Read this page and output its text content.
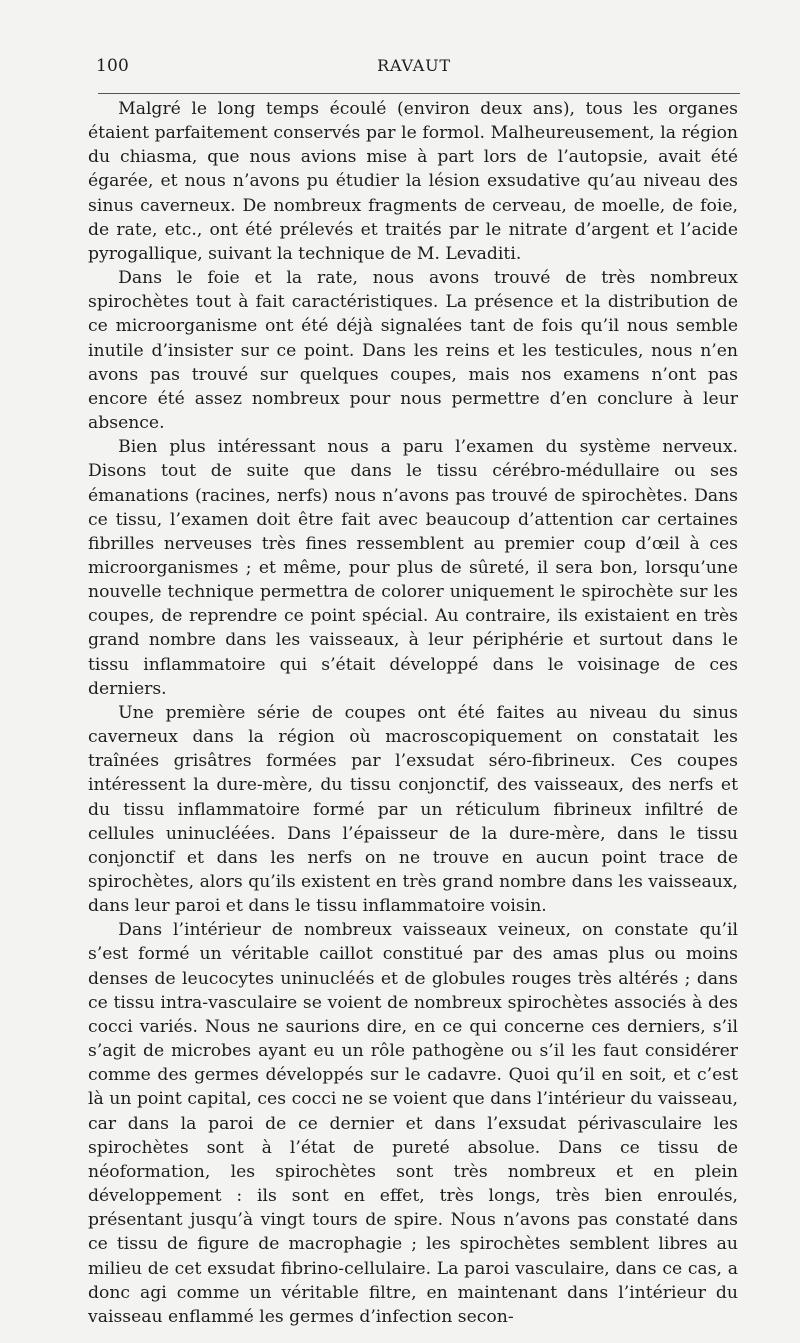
100	RAVAUT

Malgré le long temps écoulé (environ deux ans), tous les organes étaient parfaitement conservés par le formol. Malheureusement, la région du chiasma, que nous avions mise à part lors de l’autopsie, avait été égarée, et nous n’avons pu étudier la lésion exsudative qu’au niveau des sinus caverneux. De nombreux fragments de cerveau, de moelle, de foie, de rate, etc., ont été prélevés et traités par le nitrate d’argent et l’acide pyrogallique, suivant la technique de M. Levaditi.

Dans le foie et la rate, nous avons trouvé de très nombreux spirochètes tout à fait caractéristiques. La présence et la distribution de ce microorganisme ont été déjà signalées tant de fois qu’il nous semble inutile d’insister sur ce point. Dans les reins et les testicules, nous n’en avons pas trouvé sur quelques coupes, mais nos examens n’ont pas encore été assez nombreux pour nous permettre d’en conclure à leur absence.

Bien plus intéressant nous a paru l’examen du système nerveux. Disons tout de suite que dans le tissu cérébro-médullaire ou ses émanations (racines, nerfs) nous n’avons pas trouvé de spirochètes. Dans ce tissu, l’examen doit être fait avec beaucoup d’attention car certaines fibrilles nerveuses très fines ressemblent au premier coup d’œil à ces microorganismes ; et même, pour plus de sûreté, il sera bon, lorsqu’une nouvelle technique permettra de colorer uniquement le spirochète sur les coupes, de reprendre ce point spécial. Au contraire, ils existaient en très grand nombre dans les vaisseaux, à leur périphérie et surtout dans le tissu inflammatoire qui s’était développé dans le voisinage de ces derniers.

Une première série de coupes ont été faites au niveau du sinus caverneux dans la région où macroscopiquement on constatait les traînées grisâtres formées par l’exsudat séro-fibrineux. Ces coupes intéressent la dure-mère, du tissu conjonctif, des vaisseaux, des nerfs et du tissu inflammatoire formé par un réticulum fibrineux infiltré de cellules uninucléées. Dans l’épaisseur de la dure-mère, dans le tissu conjonctif et dans les nerfs on ne trouve en aucun point trace de spirochètes, alors qu’ils existent en très grand nombre dans les vaisseaux, dans leur paroi et dans le tissu inflammatoire voisin.

Dans l’intérieur de nombreux vaisseaux veineux, on constate qu’il s’est formé un véritable caillot constitué par des amas plus ou moins denses de leucocytes uninucléés et de globules rouges très altérés ; dans ce tissu intra-vasculaire se voient de nombreux spirochètes associés à des cocci variés. Nous ne saurions dire, en ce qui concerne ces derniers, s’il s’agit de microbes ayant eu un rôle pathogène ou s’il les faut considérer comme des germes développés sur le cadavre. Quoi qu’il en soit, et c’est là un point capital, ces cocci ne se voient que dans l’intérieur du vaisseau, car dans la paroi de ce dernier et dans l’exsudat périvasculaire les spirochètes sont à l’état de pureté absolue. Dans ce tissu de néoformation, les spirochètes sont très nombreux et en plein développement : ils sont en effet, très longs, très bien enroulés, présentant jusqu’à vingt tours de spire. Nous n’avons pas constaté dans ce tissu de figure de macrophagie ; les spirochètes semblent libres au milieu de cet exsudat fibrino-cellulaire. La paroi vasculaire, dans ce cas, a donc agi comme un véritable filtre, en maintenant dans l’intérieur du vaisseau enflammé les germes d’infection secon-
